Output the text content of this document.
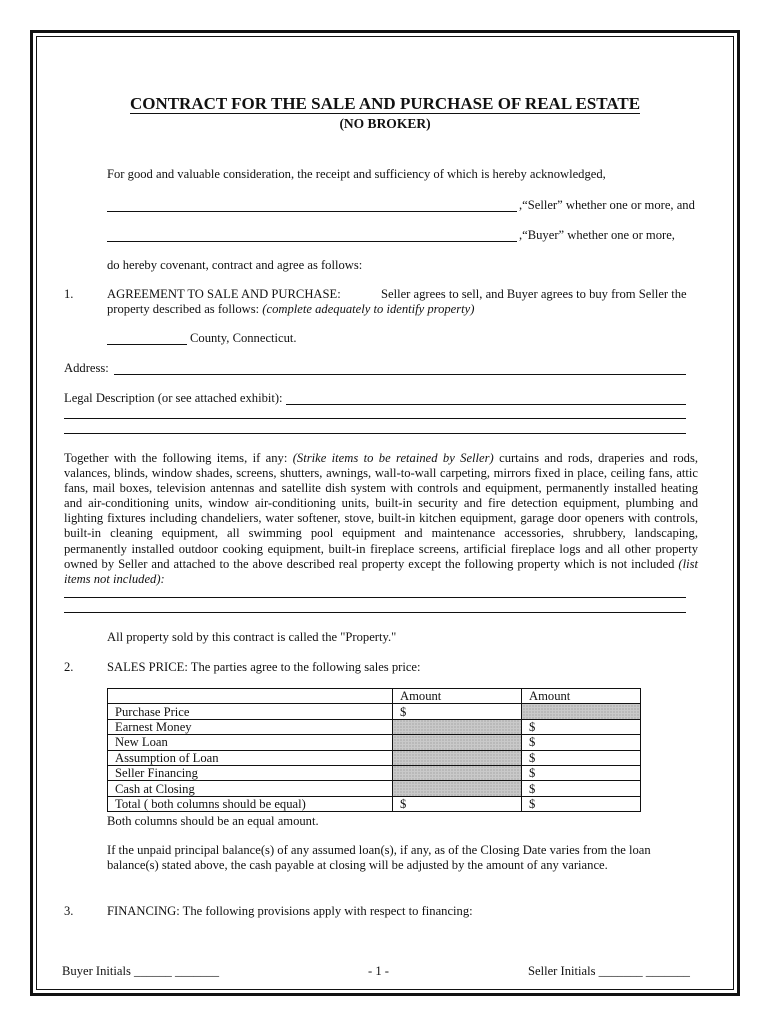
CONTRACT FOR THE SALE AND PURCHASE OF REAL ESTATE
(NO BROKER)
For good and valuable consideration, the receipt and sufficiency of which is hereby acknowledged,
,“Seller” whether one or more, and
,“Buyer” whether one or more,
do hereby covenant, contract and agree as follows:
1.	AGREEMENT TO SALE AND PURCHASE:	Seller agrees to sell, and Buyer agrees to buy from Seller the
property described as follows: (complete adequately to identify property)
County, Connecticut.
Address:
Legal Description (or see attached exhibit):
Together with the following items, if any: (Strike items to be retained by Seller) curtains and rods, draperies and rods, valances, blinds, window shades, screens, shutters, awnings, wall-to-wall carpeting, mirrors fixed in place, ceiling fans, attic fans, mail boxes, television antennas and satellite dish system with controls and equipment, permanently installed heating and air-conditioning units, window air-conditioning units, built-in security and fire detection equipment, plumbing and lighting fixtures including chandeliers, water softener, stove, built-in kitchen equipment, garage door openers with controls, built-in cleaning equipment, all swimming pool equipment and maintenance accessories, shrubbery, landscaping, permanently installed outdoor cooking equipment, built-in fireplace screens, artificial fireplace logs and all other property owned by Seller and attached to the above described real property except the following property which is not included (list items not included):
All property sold by this contract is called the "Property."
2.	SALES PRICE: The parties agree to the following sales price:
	Amount	Amount
Purchase Price	$	
Earnest Money		$
New Loan		$
Assumption of Loan		$
Seller Financing		$
Cash at Closing		$
Total ( both columns should be equal)	$	$
Both columns should be an equal amount.
If the unpaid principal balance(s) of any assumed loan(s), if any, as of the Closing Date varies from the loan
balance(s) stated above, the cash payable at closing will be adjusted by the amount of any variance.
3.	FINANCING: The following provisions apply with respect to financing:
Buyer Initials ______ _______	- 1 -	Seller Initials _______ _______
